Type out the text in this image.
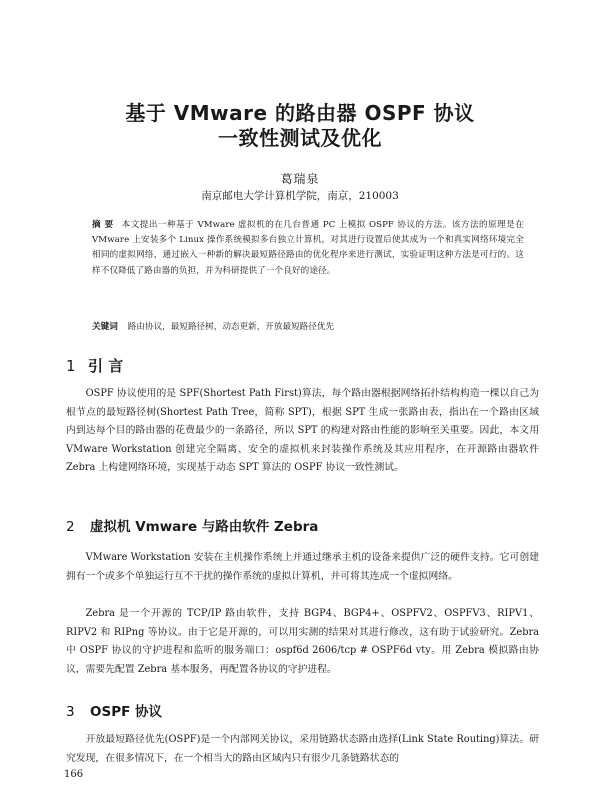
基于 VMware 的路由器 OSPF 协议
一致性测试及优化
葛瑞泉
南京邮电大学计算机学院，南京，210003
摘 要 本文提出一种基于 VMware 虚拟机的在几台普通 PC 上模拟 OSPF 协议的方法。该方法的原理是在 VMware 上安装多个 Linux 操作系统模拟多台独立计算机，对其进行设置后使其成为一个和真实网络环境完全相同的虚拟网络，通过嵌入一种新的解决最短路径路由的优化程序来进行测试，实验证明这种方法是可行的。这样不仅降低了路由器的负担，并为科研提供了一个良好的途径。
关键词 路由协议，最短路径树，动态更新，开放最短路径优先
1 引 言
OSPF 协议使用的是 SPF(Shortest Path First)算法，每个路由器根据网络拓扑结构构造一棵以自己为根节点的最短路径树(Shortest Path Tree，简称 SPT)，根据 SPT 生成一张路由表，指出在一个路由区域内到达每个目的路由器的花费最少的一条路径，所以 SPT 的构建对路由性能的影响至关重要。因此，本文用 VMware Workstation 创建完全隔离、安全的虚拟机来封装操作系统及其应用程序，在开源路由器软件 Zebra 上构建网络环境，实现基于动态 SPT 算法的 OSPF 协议一致性测试。
2 虚拟机 Vmware 与路由软件 Zebra
VMware Workstation 安装在主机操作系统上并通过继承主机的设备来提供广泛的硬件支持。它可创建拥有一个或多个单独运行互不干扰的操作系统的虚拟计算机，并可将其连成一个虚拟网络。
Zebra 是一个开源的 TCP/IP 路由软件，支持 BGP4、BGP4+、OSPFV2、OSPFV3、RIPV1、RIPV2 和 RIPng 等协议。由于它是开源的，可以用实测的结果对其进行修改，这有助于试验研究。Zebra 中 OSPF 协议的守护进程和监听的服务端口：ospf6d 2606/tcp # OSPF6d vty。用 Zebra 模拟路由协议，需要先配置 Zebra 基本服务，再配置各协议的守护进程。
3 OSPF 协议
开放最短路径优先(OSPF)是一个内部网关协议，采用链路状态路由选择(Link State Routing)算法。研究发现，在很多情况下，在一个相当大的路由区域内只有很少几条链路状态的
166
